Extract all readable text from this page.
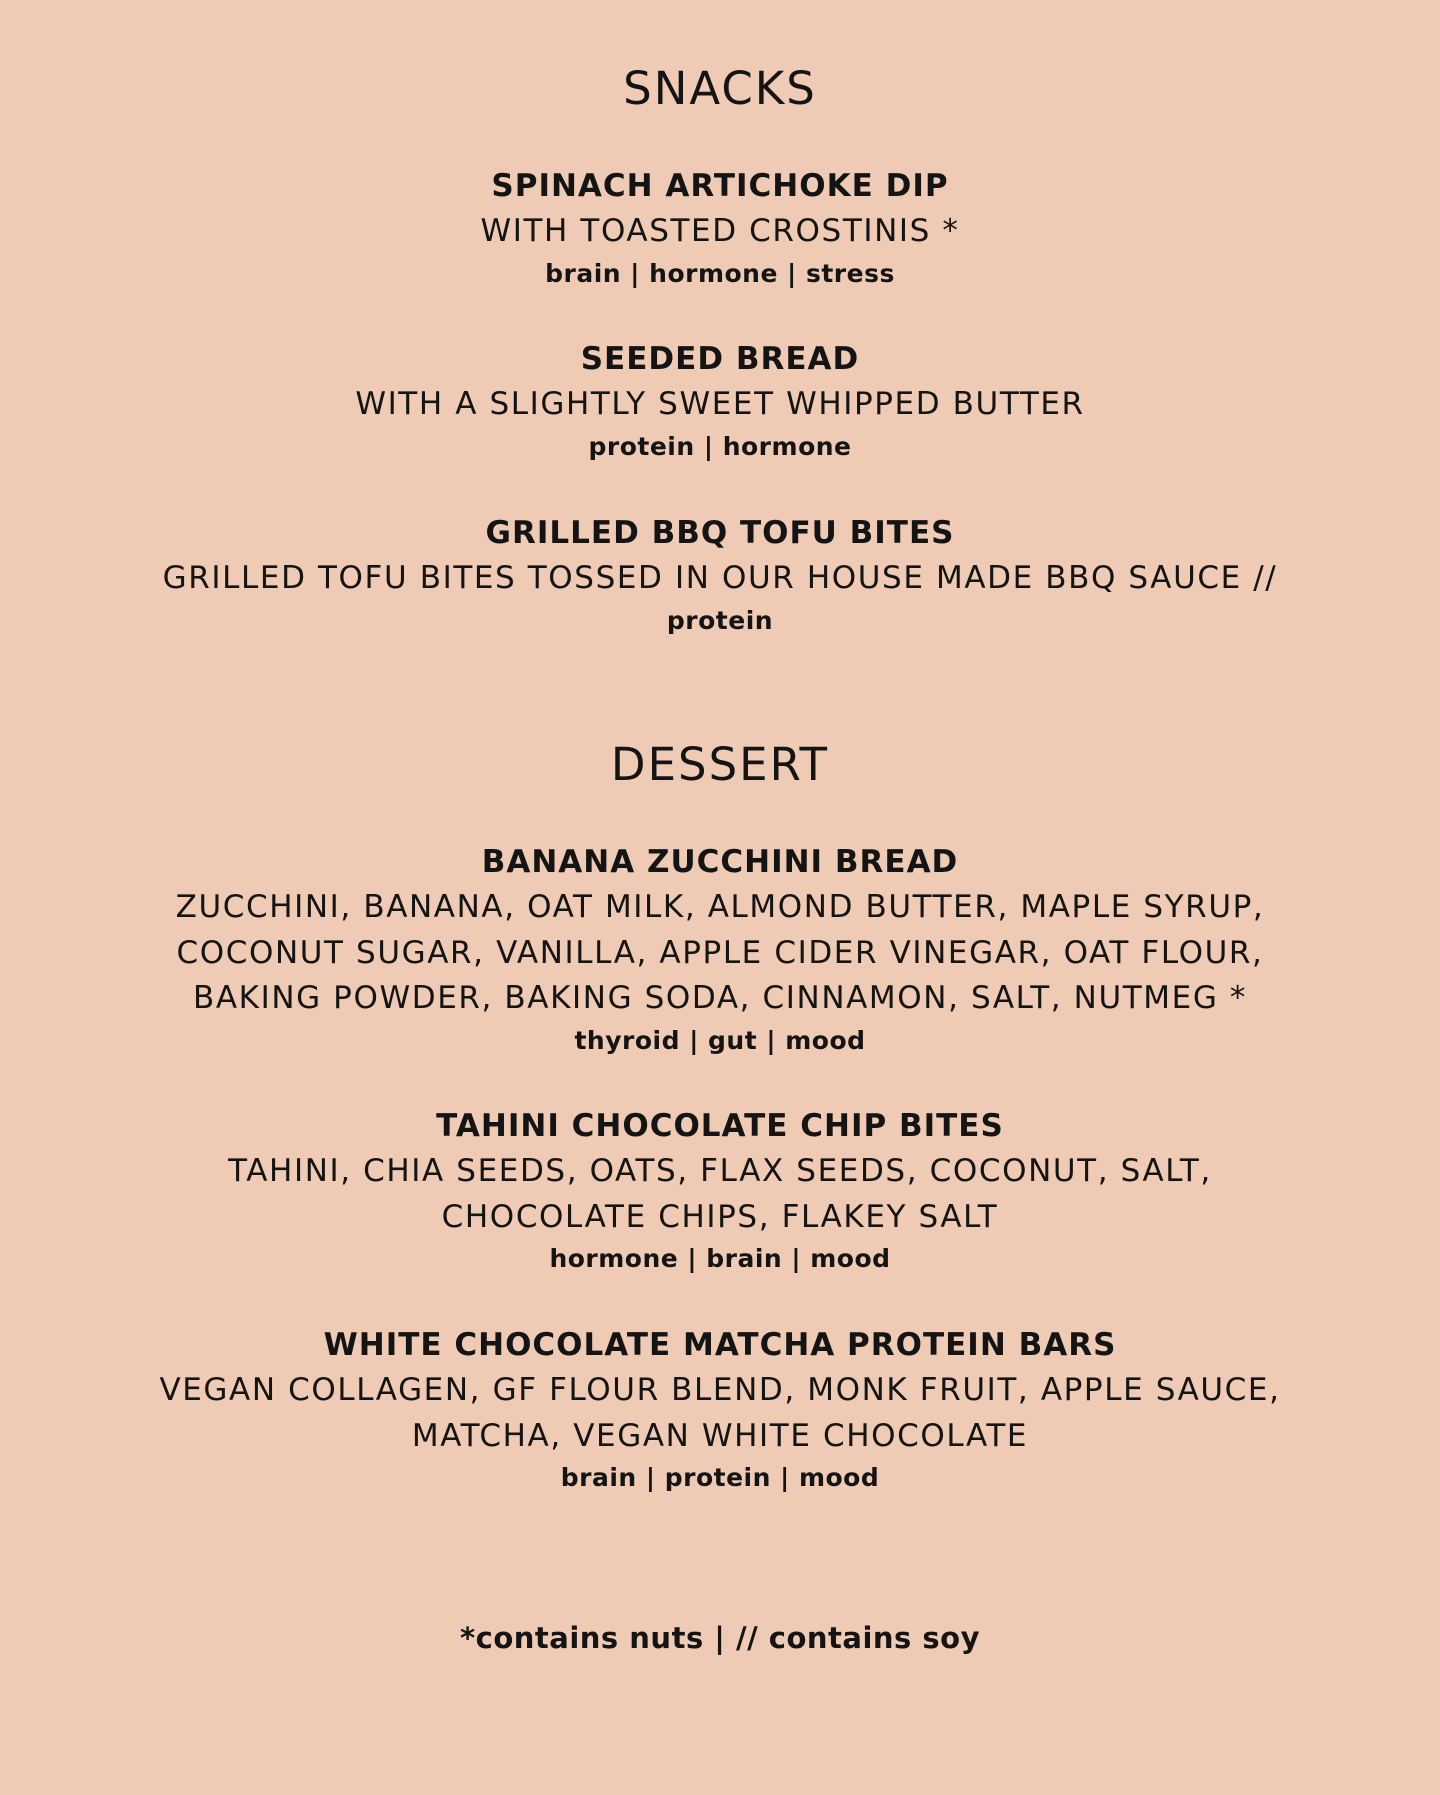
SNACKS

SPINACH ARTICHOKE DIP

WITH TOASTED CROSTINIS *

brain | hormone | stress

SEEDED BREAD

WITH A SLIGHTLY SWEET WHIPPED BUTTER

protein | hormone

GRILLED BBQ TOFU BITES

GRILLED TOFU BITES TOSSED IN OUR HOUSE MADE BBQ SAUCE //

protein

DESSERT

BANANA ZUCCHINI BREAD

ZUCCHINI, BANANA, OAT MILK, ALMOND BUTTER, MAPLE SYRUP,

COCONUT SUGAR, VANILLA, APPLE CIDER VINEGAR, OAT FLOUR,

BAKING POWDER, BAKING SODA, CINNAMON, SALT, NUTMEG *

thyroid | gut | mood

TAHINI CHOCOLATE CHIP BITES

TAHINI, CHIA SEEDS, OATS, FLAX SEEDS, COCONUT, SALT,

CHOCOLATE CHIPS, FLAKEY SALT

hormone | brain | mood

WHITE CHOCOLATE MATCHA PROTEIN BARS

VEGAN COLLAGEN, GF FLOUR BLEND, MONK FRUIT, APPLE SAUCE,

MATCHA, VEGAN WHITE CHOCOLATE

brain | protein | mood

*contains nuts | // contains soy
